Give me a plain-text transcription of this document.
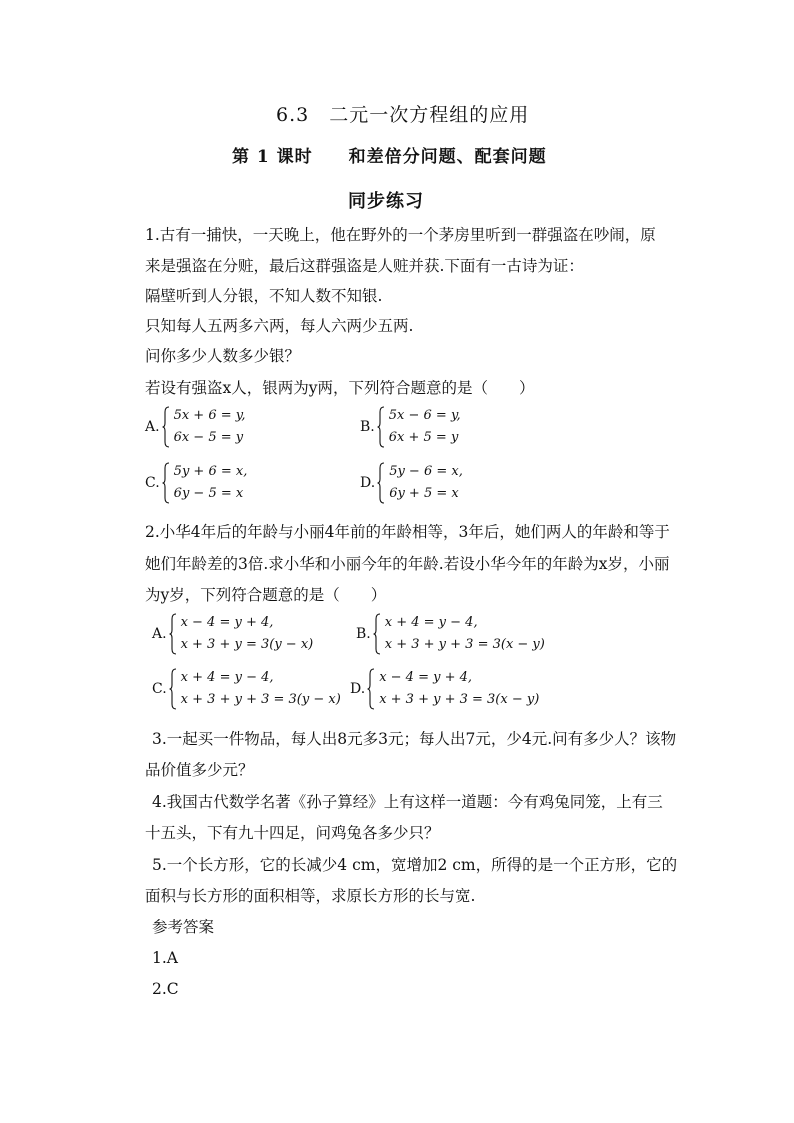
6.3　二元一次方程组的应用
第 1 课时　　和差倍分问题、配套问题
同步练习
1.古有一捕快，一天晚上，他在野外的一个茅房里听到一群强盗在吵闹，原
来是强盗在分赃，最后这群强盗是人赃并获.下面有一古诗为证：
隔壁听到人分银，不知人数不知银.
只知每人五两多六两，每人六两少五两.
问你多少人数多少银？
若设有强盗x人，银两为y两，下列符合题意的是（　　）
A.
5x + 6 = y,
6x − 5 = y
B.
5x − 6 = y,
6x + 5 = y
C.
5y + 6 = x,
6y − 5 = x
D.
5y − 6 = x,
6y + 5 = x
2.小华4年后的年龄与小丽4年前的年龄相等，3年后，她们两人的年龄和等于
她们年龄差的3倍.求小华和小丽今年的年龄.若设小华今年的年龄为x岁，小丽
为y岁，下列符合题意的是（　　）
A.
x − 4 = y + 4,
x + 3 + y = 3(y − x)
B.
x + 4 = y − 4,
x + 3 + y + 3 = 3(x − y)
C.
x + 4 = y − 4,
x + 3 + y + 3 = 3(y − x)
D.
x − 4 = y + 4,
x + 3 + y + 3 = 3(x − y)
3.一起买一件物品，每人出8元多3元；每人出7元，少4元.问有多少人？该物
品价值多少元？
4.我国古代数学名著《孙子算经》上有这样一道题：今有鸡兔同笼，上有三
十五头，下有九十四足，问鸡兔各多少只？
5.一个长方形，它的长减少4 cm，宽增加2 cm，所得的是一个正方形，它的
面积与长方形的面积相等，求原长方形的长与宽.
参考答案
1.A
2.C
